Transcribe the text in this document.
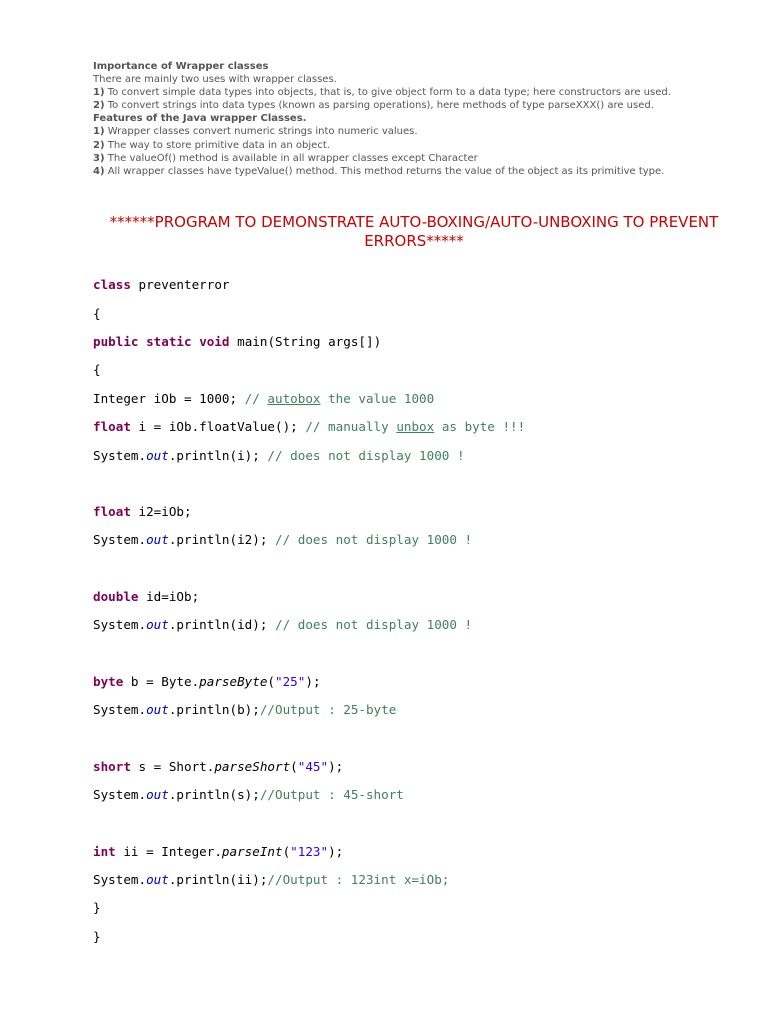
Importance of Wrapper classes
There are mainly two uses with wrapper classes.
1) To convert simple data types into objects, that is, to give object form to a data type; here constructors are used.
2) To convert strings into data types (known as parsing operations), here methods of type parseXXX() are used.
Features of the Java wrapper Classes.
1) Wrapper classes convert numeric strings into numeric values.
2) The way to store primitive data in an object.
3) The valueOf() method is available in all wrapper classes except Character
4) All wrapper classes have typeValue() method. This method returns the value of the object as its primitive type.
******PROGRAM TO DEMONSTRATE AUTO-BOXING/AUTO-UNBOXING TO PREVENT ERRORS*****

class preventerror

{

public static void main(String args[])

{

Integer iOb = 1000; // autobox the value 1000

float i = iOb.floatValue(); // manually unbox as byte !!!

System.out.println(i); // does not display 1000 !

float i2=iOb;

System.out.println(i2); // does not display 1000 !

double id=iOb;

System.out.println(id); // does not display 1000 !

byte b = Byte.parseByte("25");

System.out.println(b);//Output : 25-byte

short s = Short.parseShort("45");

System.out.println(s);//Output : 45-short

int ii = Integer.parseInt("123");

System.out.println(ii);//Output : 123int x=iOb;

}

}
